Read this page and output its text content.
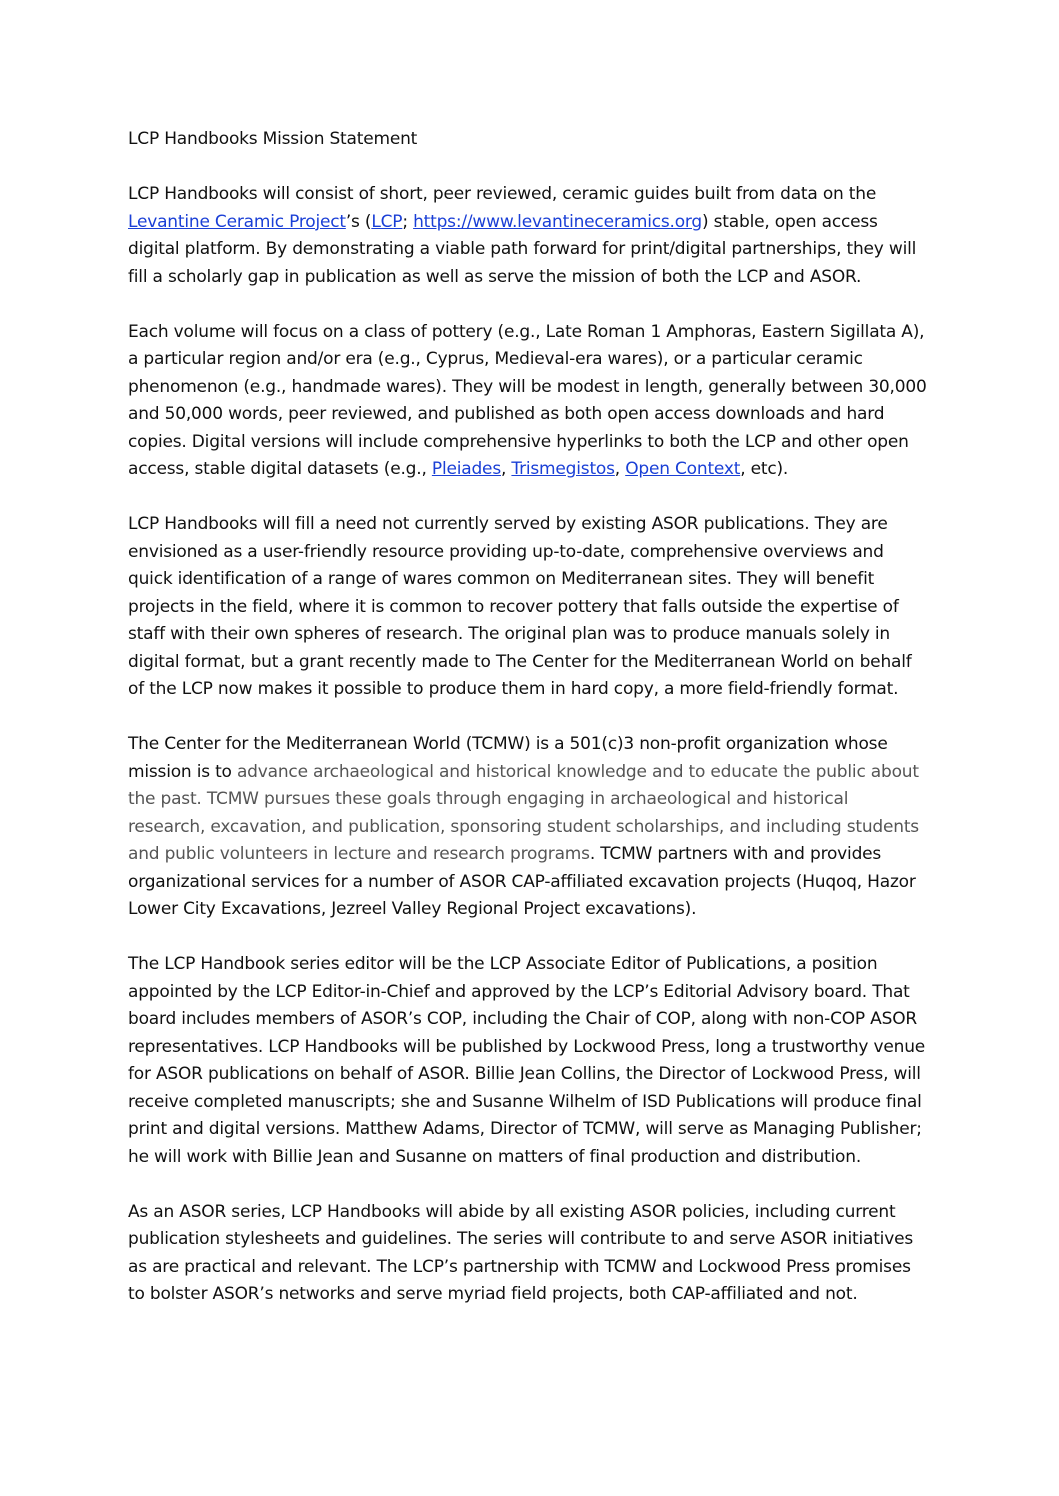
LCP Handbooks Mission Statement

LCP Handbooks will consist of short, peer reviewed, ceramic guides built from data on the Levantine Ceramic Project’s (LCP; https://www.levantineceramics.org) stable, open access digital platform. By demonstrating a viable path forward for print/digital partnerships, they will fill a scholarly gap in publication as well as serve the mission of both the LCP and ASOR.

Each volume will focus on a class of pottery (e.g., Late Roman 1 Amphoras, Eastern Sigillata A), a particular region and/or era (e.g., Cyprus, Medieval-era wares), or a particular ceramic phenomenon (e.g., handmade wares). They will be modest in length, generally between 30,000 and 50,000 words, peer reviewed, and published as both open access downloads and hard copies. Digital versions will include comprehensive hyperlinks to both the LCP and other open access, stable digital datasets (e.g., Pleiades, Trismegistos, Open Context, etc).

LCP Handbooks will fill a need not currently served by existing ASOR publications. They are envisioned as a user-friendly resource providing up-to-date, comprehensive overviews and quick identification of a range of wares common on Mediterranean sites. They will benefit projects in the field, where it is common to recover pottery that falls outside the expertise of staff with their own spheres of research. The original plan was to produce manuals solely in digital format, but a grant recently made to The Center for the Mediterranean World on behalf of the LCP now makes it possible to produce them in hard copy, a more field-friendly format.

The Center for the Mediterranean World (TCMW) is a 501(c)3 non-profit organization whose mission is to advance archaeological and historical knowledge and to educate the public about the past. TCMW pursues these goals through engaging in archaeological and historical research, excavation, and publication, sponsoring student scholarships, and including students and public volunteers in lecture and research programs. TCMW partners with and provides organizational services for a number of ASOR CAP-affiliated excavation projects (Huqoq, Hazor Lower City Excavations, Jezreel Valley Regional Project excavations).

The LCP Handbook series editor will be the LCP Associate Editor of Publications, a position appointed by the LCP Editor-in-Chief and approved by the LCP’s Editorial Advisory board. That board includes members of ASOR’s COP, including the Chair of COP, along with non-COP ASOR representatives. LCP Handbooks will be published by Lockwood Press, long a trustworthy venue for ASOR publications on behalf of ASOR. Billie Jean Collins, the Director of Lockwood Press, will receive completed manuscripts; she and Susanne Wilhelm of ISD Publications will produce final print and digital versions. Matthew Adams, Director of TCMW, will serve as Managing Publisher; he will work with Billie Jean and Susanne on matters of final production and distribution.

As an ASOR series, LCP Handbooks will abide by all existing ASOR policies, including current publication stylesheets and guidelines. The series will contribute to and serve ASOR initiatives as are practical and relevant. The LCP’s partnership with TCMW and Lockwood Press promises to bolster ASOR’s networks and serve myriad field projects, both CAP-affiliated and not.
